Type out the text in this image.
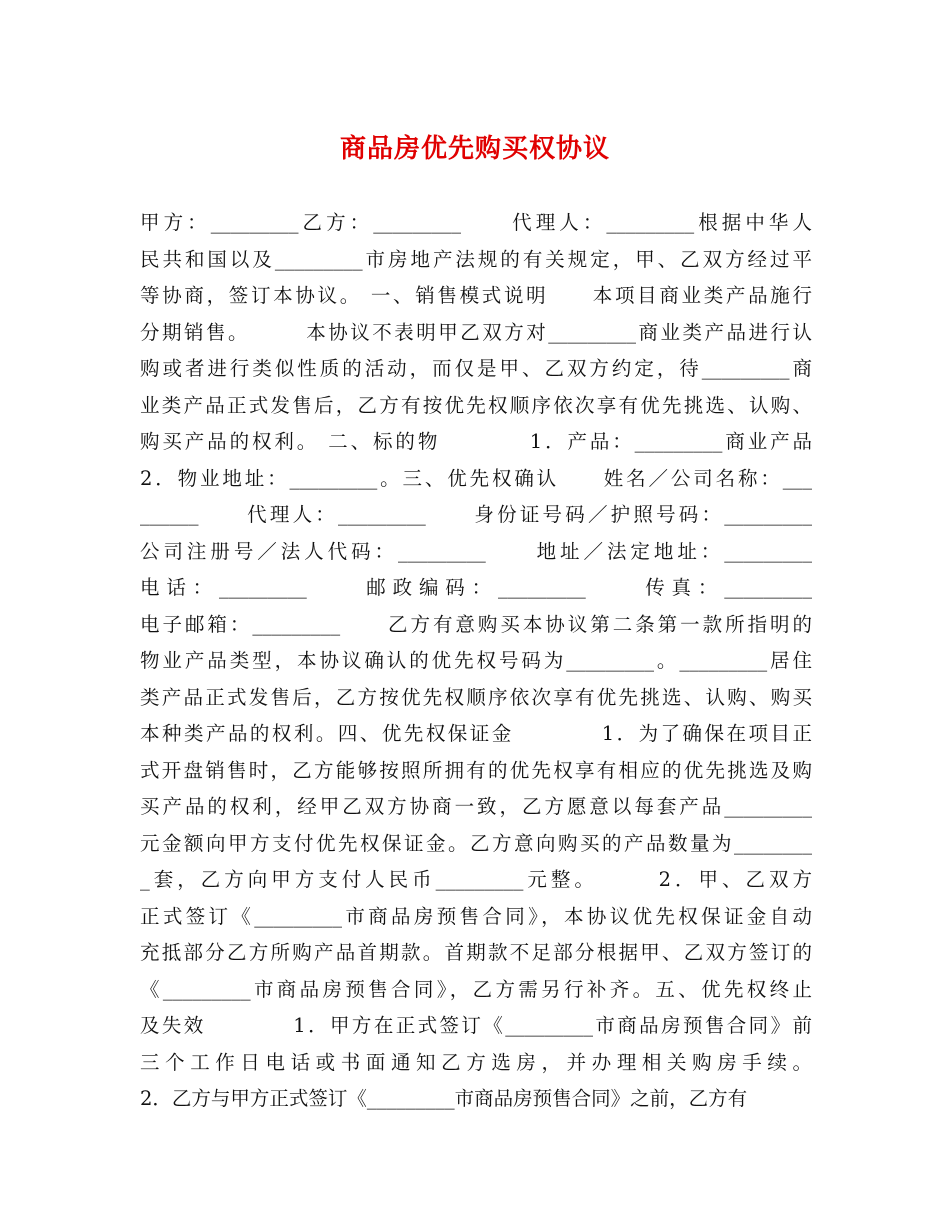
商品房优先购买权协议
甲方：_________乙方：_________　　代理人：_________根据中华人
民共和国以及_________市房地产法规的有关规定，甲、乙双方经过平
等协商，签订本协议。 一、销售模式说明　　本项目商业类产品施行
分期销售。　　　本协议不表明甲乙双方对_________商业类产品进行认
购或者进行类似性质的活动，而仅是甲、乙双方约定，待_________商
业类产品正式发售后，乙方有按优先权顺序依次享有优先挑选、认购、
购买产品的权利。 二、标的物　　　　1．产品：_________商业产品
2．物业地址：_________。三、优先权确认　　姓名／公司名称：___
______　　代理人：_________　　身份证号码／护照号码：_________
公司注册号／法人代码：_________　　地址／法定地址：_________
电话：_________　　邮政编码：_________　　传真：_________
电子邮箱：_________　　乙方有意购买本协议第二条第一款所指明的
物业产品类型，本协议确认的优先权号码为_________。_________居住
类产品正式发售后，乙方按优先权顺序依次享有优先挑选、认购、购买
本种类产品的权利。四、优先权保证金　　　　1．为了确保在项目正
式开盘销售时，乙方能够按照所拥有的优先权享有相应的优先挑选及购
买产品的权利，经甲乙双方协商一致，乙方愿意以每套产品_________
元金额向甲方支付优先权保证金。乙方意向购买的产品数量为________
_套，乙方向甲方支付人民币_________元整。　　　2．甲、乙双方
正式签订《_________市商品房预售合同》，本协议优先权保证金自动
充抵部分乙方所购产品首期款。首期款不足部分根据甲、乙双方签订的
《_________市商品房预售合同》，乙方需另行补齐。五、优先权终止
及失效　　　　1．甲方在正式签订《_________市商品房预售合同》前
三个工作日电话或书面通知乙方选房，并办理相关购房手续。
2．乙方与甲方正式签订《_________市商品房预售合同》之前，乙方有
